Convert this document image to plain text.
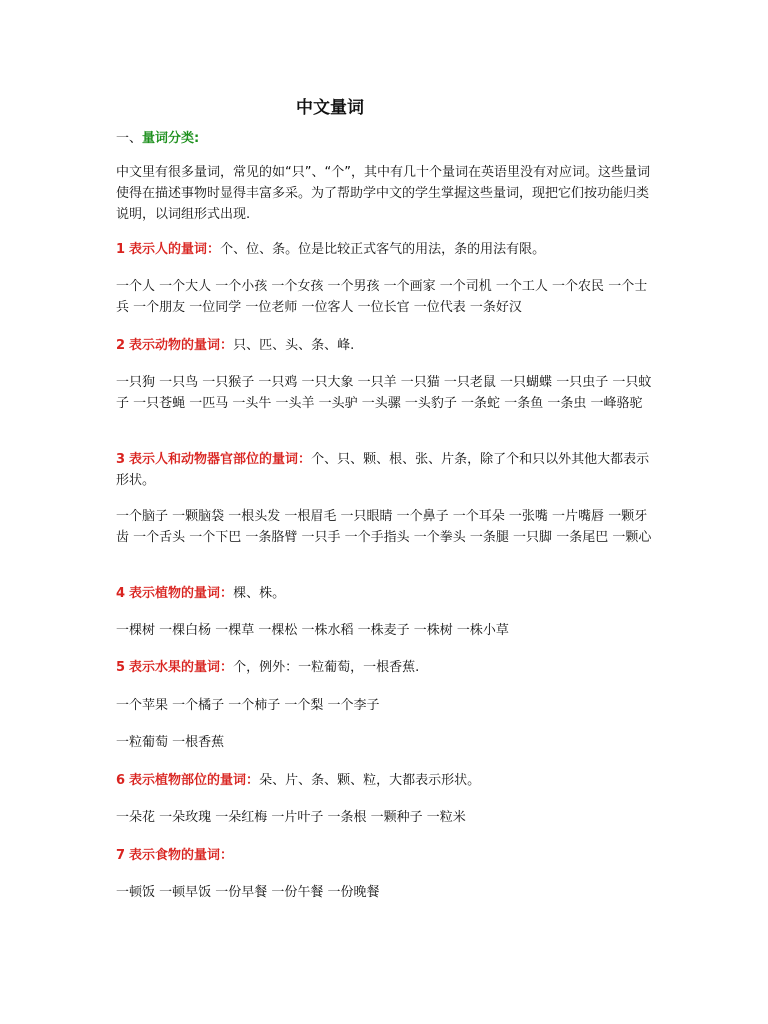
中文量词

一、量词分类:

中文里有很多量词，常见的如“只”、“个”，其中有几十个量词在英语里没有对应词。这些量词使得在描述事物时显得丰富多采。为了帮助学中文的学生掌握这些量词，现把它们按功能归类说明，以词组形式出现.

1 表示人的量词：个、位、条。位是比较正式客气的用法，条的用法有限。

一个人 一个大人 一个小孩 一个女孩 一个男孩 一个画家 一个司机 一个工人 一个农民 一个士兵 一个朋友 一位同学 一位老师 一位客人 一位长官 一位代表 一条好汉

2 表示动物的量词：只、匹、头、条、峰.

一只狗 一只鸟 一只猴子 一只鸡 一只大象 一只羊 一只猫 一只老鼠 一只蝴蝶 一只虫子 一只蚊子 一只苍蝇 一匹马 一头牛 一头羊 一头驴 一头骡 一头豹子 一条蛇 一条鱼 一条虫 一峰骆驼

3 表示人和动物器官部位的量词：个、只、颗、根、张、片条，除了个和只以外其他大都表示形状。

一个脑子 一颗脑袋 一根头发 一根眉毛 一只眼睛 一个鼻子 一个耳朵 一张嘴 一片嘴唇 一颗牙齿 一个舌头 一个下巴 一条胳臂 一只手 一个手指头 一个拳头 一条腿 一只脚 一条尾巴 一颗心

4 表示植物的量词：棵、株。

一棵树 一棵白杨 一棵草 一棵松 一株水稻 一株麦子 一株树 一株小草

5 表示水果的量词：个，例外：一粒葡萄，一根香蕉.

一个苹果 一个橘子 一个柿子 一个梨 一个李子

一粒葡萄 一根香蕉

6 表示植物部位的量词：朵、片、条、颗、粒，大都表示形状。

一朵花 一朵玫瑰 一朵红梅 一片叶子 一条根 一颗种子 一粒米

7 表示食物的量词：

一顿饭 一顿早饭 一份早餐 一份午餐 一份晚餐
